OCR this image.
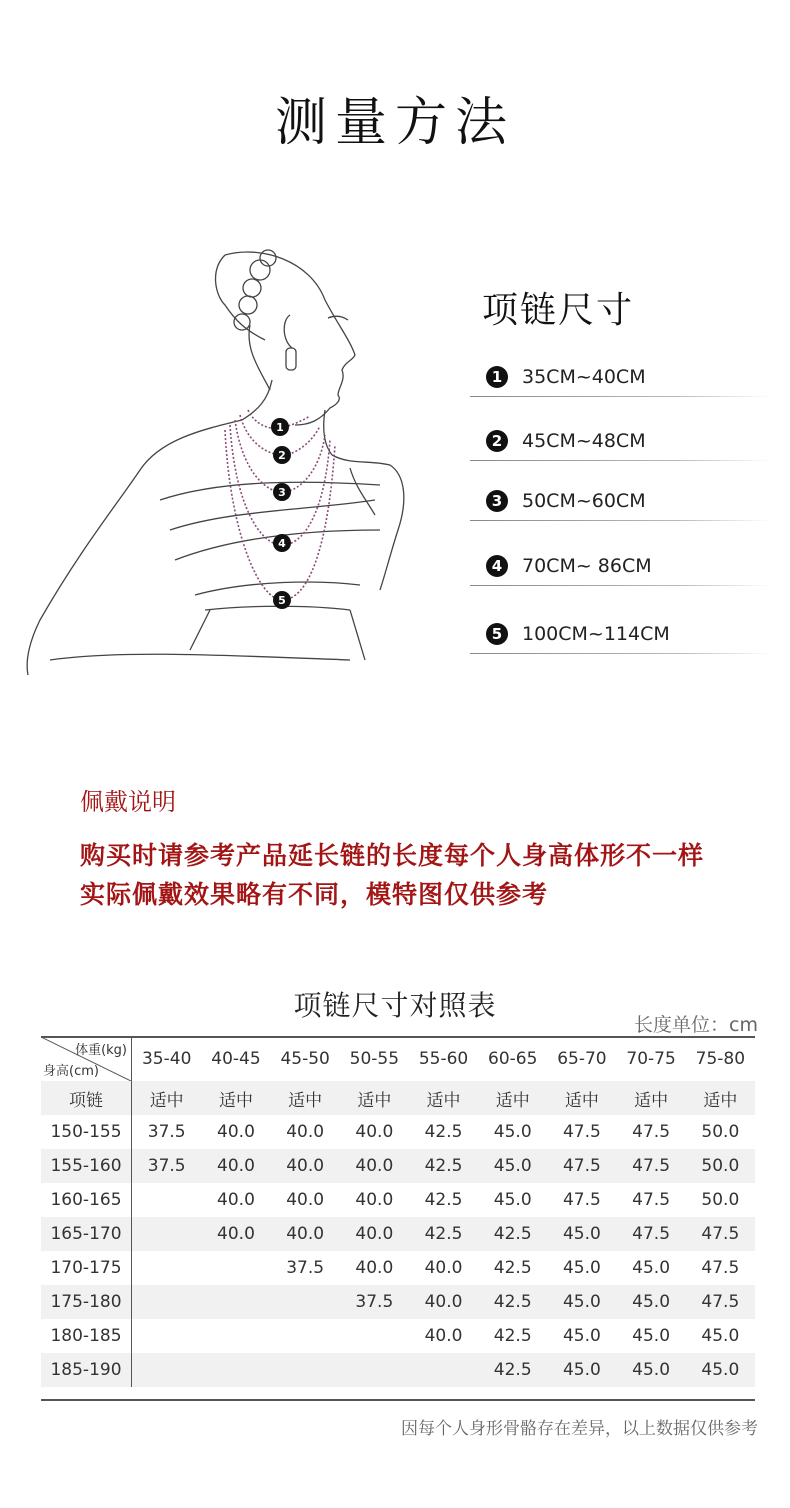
测量方法
1
2
3
4
5
项链尺寸
1	35CM~40CM
2	45CM~48CM
3	50CM~60CM
4	70CM~ 86CM
5	100CM~114CM
佩戴说明
购买时请参考产品延长链的长度每个人身高体形不一样
实际佩戴效果略有不同，模特图仅供参考
项链尺寸对照表
长度单位：cm
体重(kg)
身高(cm)	35-40	40-45	45-50	50-55	55-60	60-65	65-70	70-75	75-80
项链	适中	适中	适中	适中	适中	适中	适中	适中	适中
150-155	37.5	40.0	40.0	40.0	42.5	45.0	47.5	47.5	50.0
155-160	37.5	40.0	40.0	40.0	42.5	45.0	47.5	47.5	50.0
160-165		40.0	40.0	40.0	42.5	45.0	47.5	47.5	50.0
165-170		40.0	40.0	40.0	42.5	42.5	45.0	47.5	47.5
170-175			37.5	40.0	40.0	42.5	45.0	45.0	47.5
175-180				37.5	40.0	42.5	45.0	45.0	47.5
180-185					40.0	42.5	45.0	45.0	45.0
185-190						42.5	45.0	45.0	45.0
因每个人身形骨骼存在差异，以上数据仅供参考
